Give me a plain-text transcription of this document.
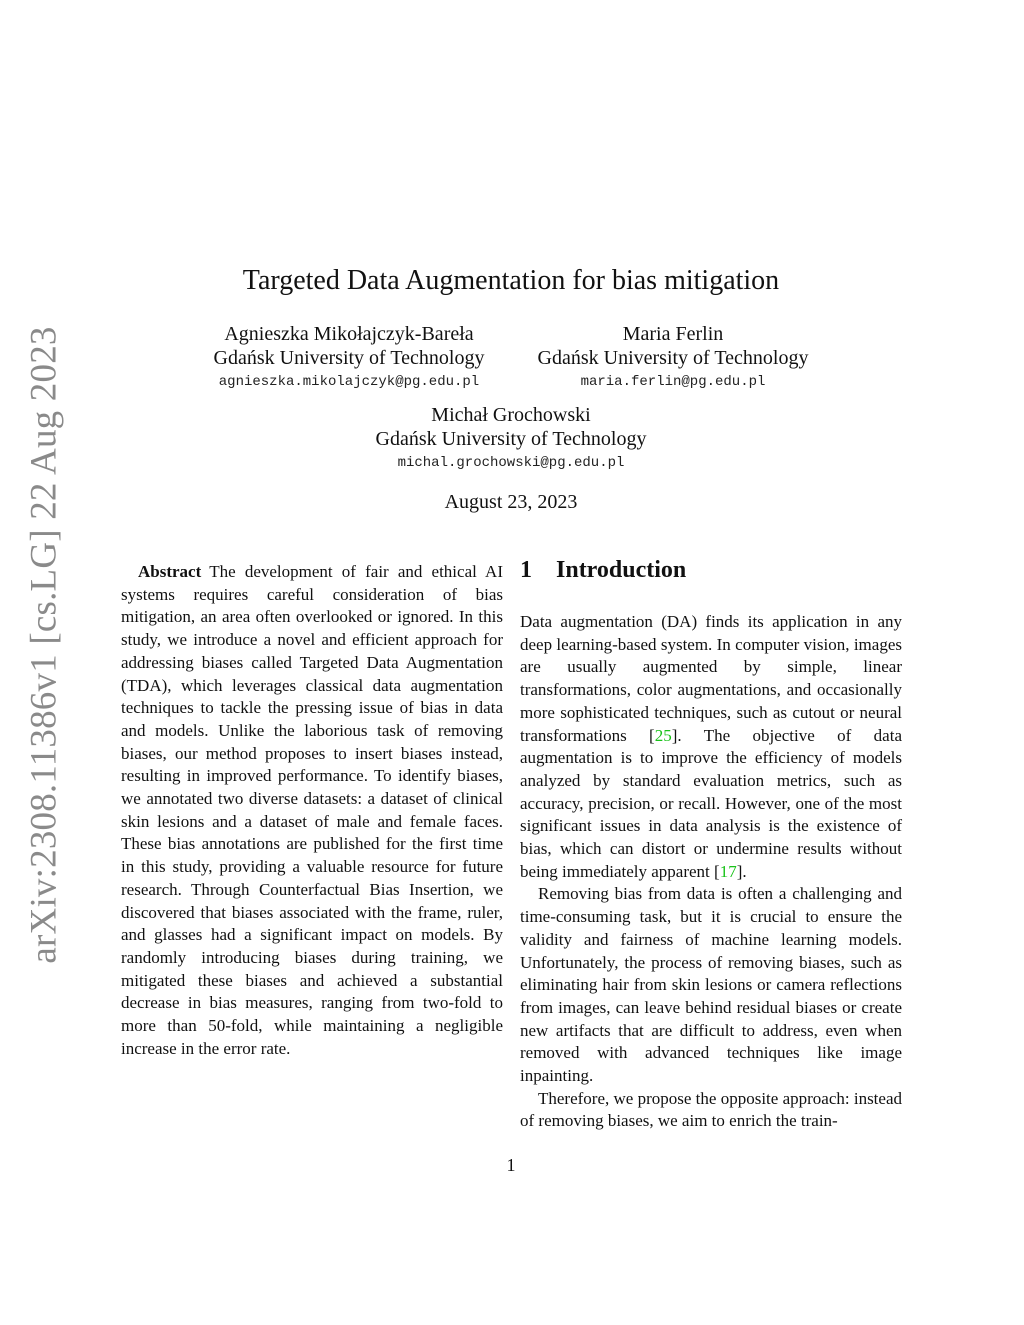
arXiv:2308.11386v1 [cs.LG] 22 Aug 2023
Targeted Data Augmentation for bias mitigation
Agnieszka Mikołajczyk-Bareła
Gdańsk University of Technology
agnieszka.mikolajczyk@pg.edu.pl
Maria Ferlin
Gdańsk University of Technology
maria.ferlin@pg.edu.pl
Michał Grochowski
Gdańsk University of Technology
michal.grochowski@pg.edu.pl
August 23, 2023

Abstract The development of fair and ethical AI systems requires careful consideration of bias mitigation, an area often overlooked or ignored. In this study, we introduce a novel and efficient approach for addressing biases called Targeted Data Augmentation (TDA), which leverages classical data augmentation techniques to tackle the pressing issue of bias in data and models. Unlike the laborious task of removing biases, our method proposes to insert biases instead, resulting in improved performance. To identify biases, we annotated two diverse datasets: a dataset of clinical skin lesions and a dataset of male and female faces. These bias annotations are published for the first time in this study, providing a valuable resource for future research. Through Counterfactual Bias Insertion, we discovered that biases associated with the frame, ruler, and glasses had a significant impact on models. By randomly introducing biases during training, we mitigated these biases and achieved a substantial decrease in bias measures, ranging from two-fold to more than 50-fold, while maintaining a negligible increase in the error rate.

1 Introduction

Data augmentation (DA) finds its application in any deep learning-based system. In computer vision, images are usually augmented by simple, linear transformations, color augmentations, and occasionally more sophisticated techniques, such as cutout or neural transformations [25]. The objective of data augmentation is to improve the efficiency of models analyzed by standard evaluation metrics, such as accuracy, precision, or recall. However, one of the most significant issues in data analysis is the existence of bias, which can distort or undermine results without being immediately apparent [17].

Removing bias from data is often a challenging and time-consuming task, but it is crucial to ensure the validity and fairness of machine learning models. Unfortunately, the process of removing biases, such as eliminating hair from skin lesions or camera reflections from images, can leave behind residual biases or create new artifacts that are difficult to address, even when removed with advanced techniques like image inpainting.

Therefore, we propose the opposite approach: instead of removing biases, we aim to enrich the train-

1
